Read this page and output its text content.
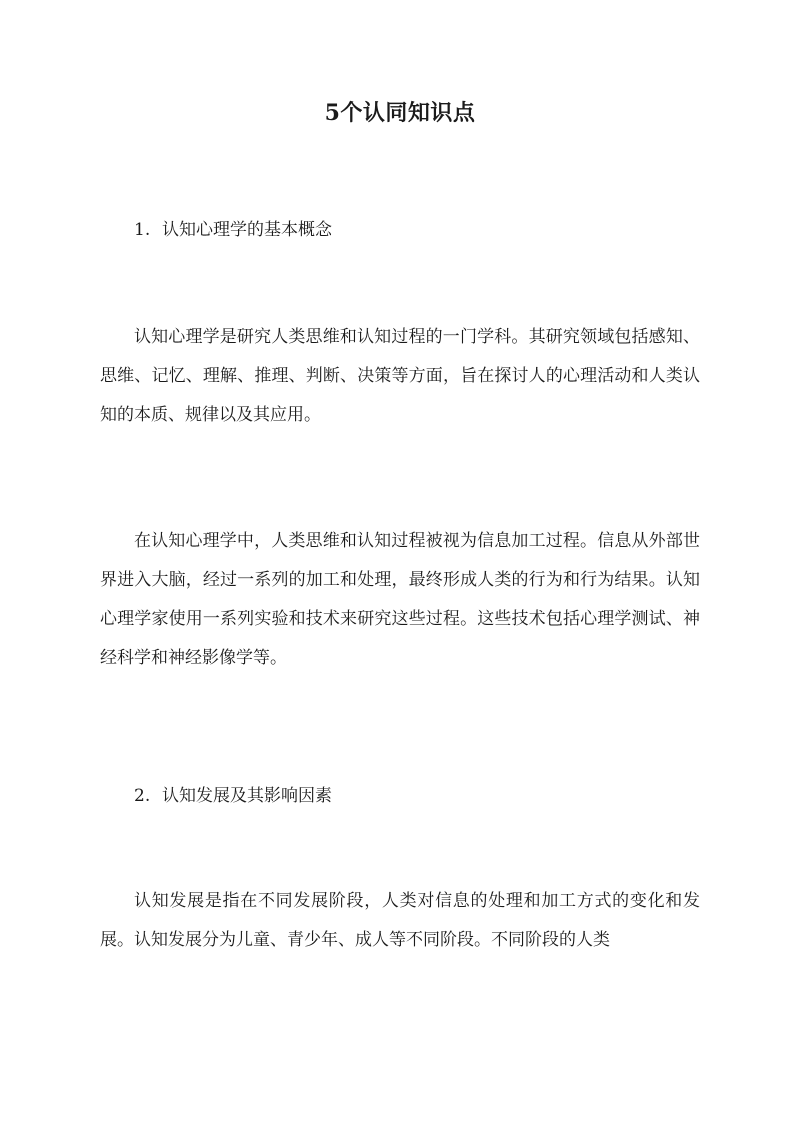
5个认同知识点
1. 认知心理学的基本概念

认知心理学是研究人类思维和认知过程的一门学科。其研究领域包括感知、思维、记忆、理解、推理、判断、决策等方面，旨在探讨人的心理活动和人类认知的本质、规律以及其应用。

在认知心理学中，人类思维和认知过程被视为信息加工过程。信息从外部世界进入大脑，经过一系列的加工和处理，最终形成人类的行为和行为结果。认知心理学家使用一系列实验和技术来研究这些过程。这些技术包括心理学测试、神经科学和神经影像学等。

2. 认知发展及其影响因素

认知发展是指在不同发展阶段，人类对信息的处理和加工方式的变化和发展。认知发展分为儿童、青少年、成人等不同阶段。不同阶段的人类
